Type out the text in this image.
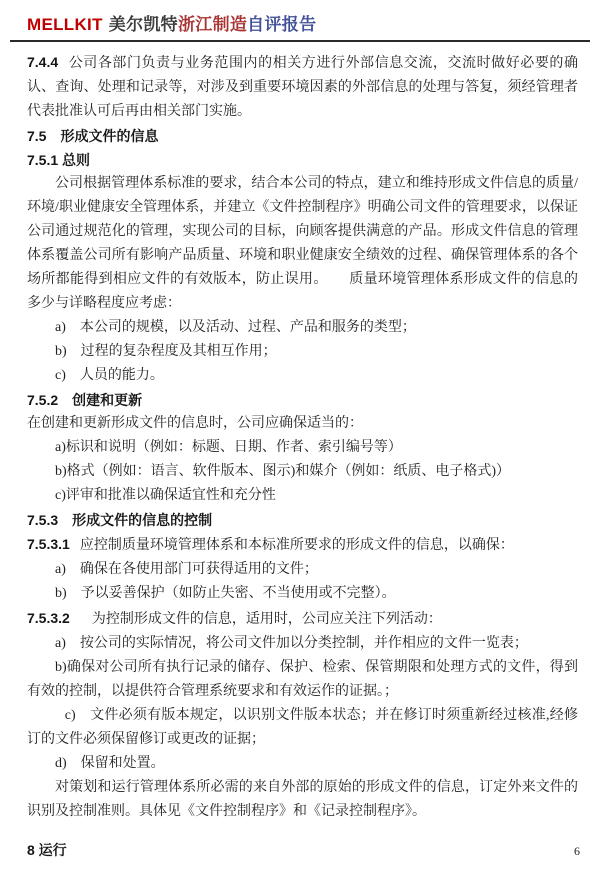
MELLKIT 美尔凯特浙江制造自评报告

7.4.4 公司各部门负责与业务范围内的相关方进行外部信息交流，交流时做好必要的确认、查询、处理和记录等，对涉及到重要环境因素的外部信息的处理与答复，须经管理者代表批准认可后再由相关部门实施。

7.5　形成文件的信息
7.5.1 总则

公司根据管理体系标准的要求，结合本公司的特点，建立和维持形成文件信息的质量/环境/职业健康安全管理体系，并建立《文件控制程序》明确公司文件的管理要求，以保证公司通过规范化的管理，实现公司的目标，向顾客提供满意的产品。形成文件信息的管理体系覆盖公司所有影响产品质量、环境和职业健康安全绩效的过程、确保管理体系的各个场所都能得到相应文件的有效版本，防止误用。　　质量环境管理体系形成文件的信息的多少与详略程度应考虑：

a)　本公司的规模，以及活动、过程、产品和服务的类型；

b)　过程的复杂程度及其相互作用；

c)　人员的能力。

7.5.2　创建和更新

在创建和更新形成文件的信息时，公司应确保适当的：

a)标识和说明（例如：标题、日期、作者、索引编号等）

b)格式（例如：语言、软件版本、图示)和媒介（例如：纸质、电子格式)）

c)评审和批准以确保适宜性和充分性

7.5.3　形成文件的信息的控制

7.5.3.1 应控制质量环境管理体系和本标准所要求的形成文件的信息，以确保：

a)　确保在各使用部门可获得适用的文件；

b)　予以妥善保护（如防止失密、不当使用或不完整）。

7.5.3.2 为控制形成文件的信息，适用时，公司应关注下列活动：

a)　按公司的实际情况，将公司文件加以分类控制，并作相应的文件一览表；

b)确保对公司所有执行记录的储存、保护、检索、保管期限和处理方式的文件，得到有效的控制，以提供符合管理系统要求和有效运作的证据。；

c)　文件必须有版本规定，以识别文件版本状态；并在修订时须重新经过核准,经修订的文件必须保留修订或更改的证据；

d)　保留和处置。

对策划和运行管理体系所必需的来自外部的原始的形成文件的信息，订定外来文件的识别及控制准则。具体见《文件控制程序》和《记录控制程序》。

8 运行	6
